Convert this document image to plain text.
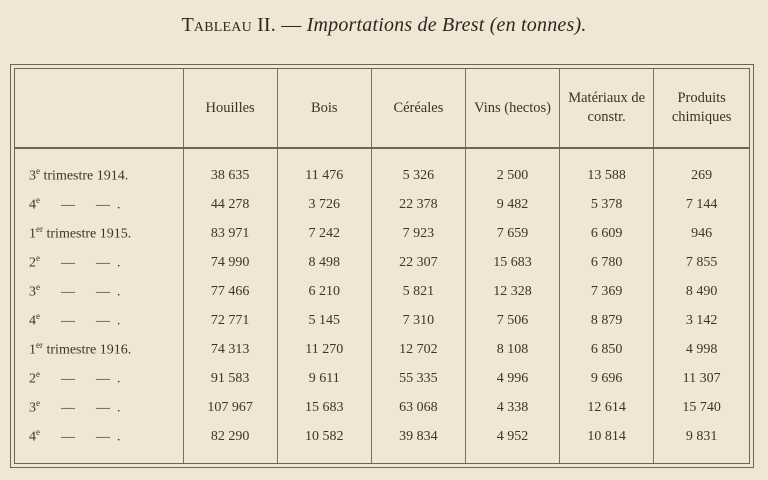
Tableau II. — Importations de Brest (en tonnes).
	Houilles	Bois	Céréales	Vins (hectos)	Matériaux de constr.	Produits chimiques

3e trimestre 1914.	38 635	11 476	5 326	2 500	13 588	269
4e      —      —  .	44 278	3 726	22 378	9 482	5 378	7 144
1er trimestre 1915.	83 971	7 242	7 923	7 659	6 609	946
2e      —      —  .	74 990	8 498	22 307	15 683	6 780	7 855
3e      —      —  .	77 466	6 210	5 821	12 328	7 369	8 490
4e      —      —  .	72 771	5 145	7 310	7 506	8 879	3 142
1er trimestre 1916.	74 313	11 270	12 702	8 108	6 850	4 998
2e      —      —  .	91 583	9 611	55 335	4 996	9 696	11 307
3e      —      —  .	107 967	15 683	63 068	4 338	12 614	15 740
4e      —      —  .	82 290	10 582	39 834	4 952	10 814	9 831
